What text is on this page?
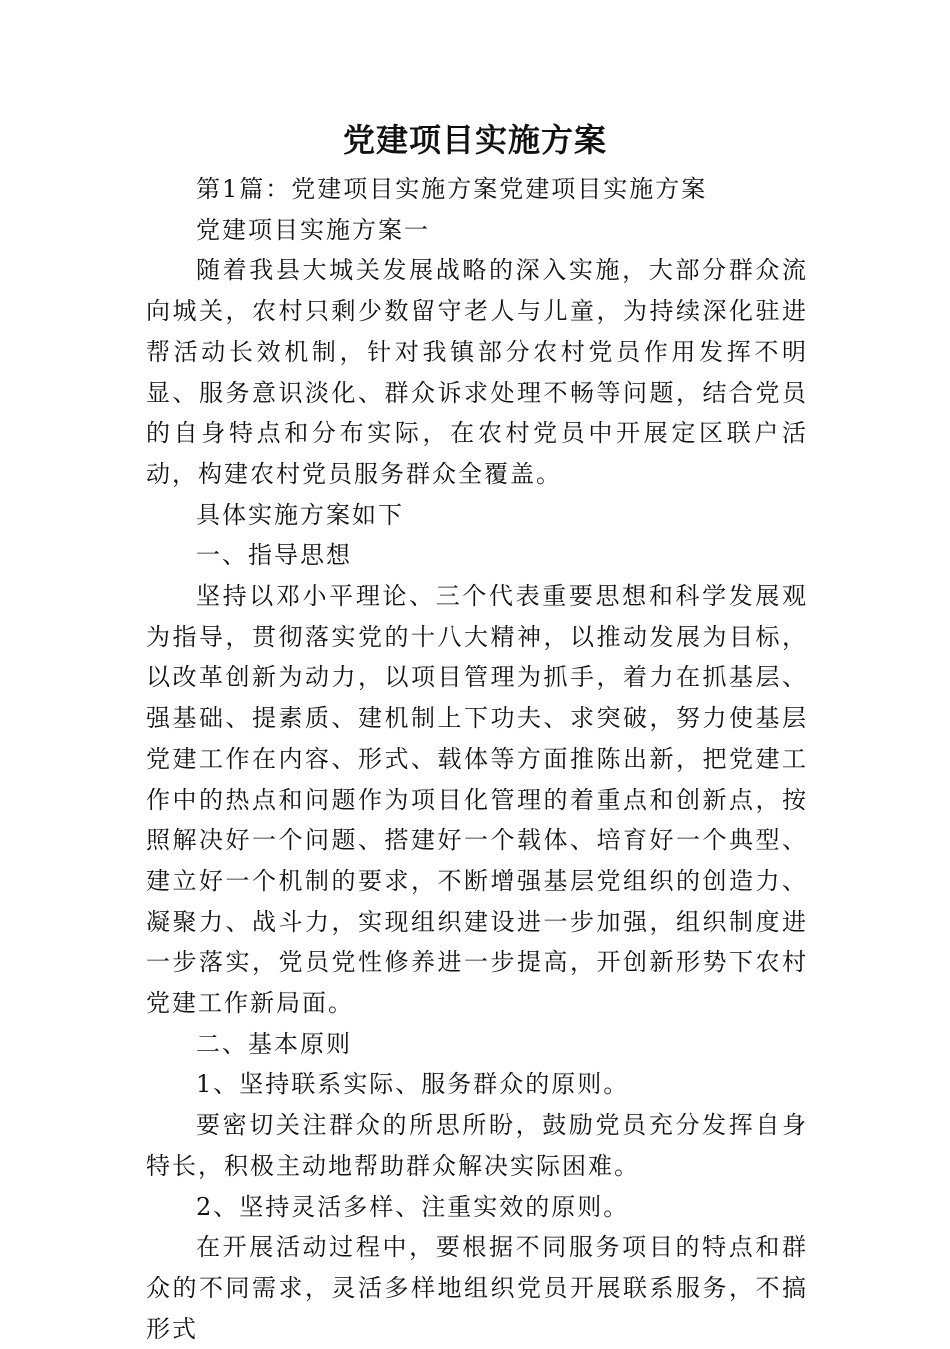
党建项目实施方案

第1篇：党建项目实施方案党建项目实施方案

党建项目实施方案一

随着我县大城关发展战略的深入实施，大部分群众流向城关，农村只剩少数留守老人与儿童，为持续深化驻进帮活动长效机制，针对我镇部分农村党员作用发挥不明显、服务意识淡化、群众诉求处理不畅等问题，结合党员的自身特点和分布实际，在农村党员中开展定区联户活动，构建农村党员服务群众全覆盖。

具体实施方案如下

一、指导思想

坚持以邓小平理论、三个代表重要思想和科学发展观为指导，贯彻落实党的十八大精神，以推动发展为目标，以改革创新为动力，以项目管理为抓手，着力在抓基层、强基础、提素质、建机制上下功夫、求突破，努力使基层党建工作在内容、形式、载体等方面推陈出新，把党建工作中的热点和问题作为项目化管理的着重点和创新点，按照解决好一个问题、搭建好一个载体、培育好一个典型、建立好一个机制的要求，不断增强基层党组织的创造力、凝聚力、战斗力，实现组织建设进一步加强，组织制度进一步落实，党员党性修养进一步提高，开创新形势下农村党建工作新局面。

二、基本原则

1、坚持联系实际、服务群众的原则。

要密切关注群众的所思所盼，鼓励党员充分发挥自身特长，积极主动地帮助群众解决实际困难。

2、坚持灵活多样、注重实效的原则。

在开展活动过程中，要根据不同服务项目的特点和群众的不同需求，灵活多样地组织党员开展联系服务，不搞形式
